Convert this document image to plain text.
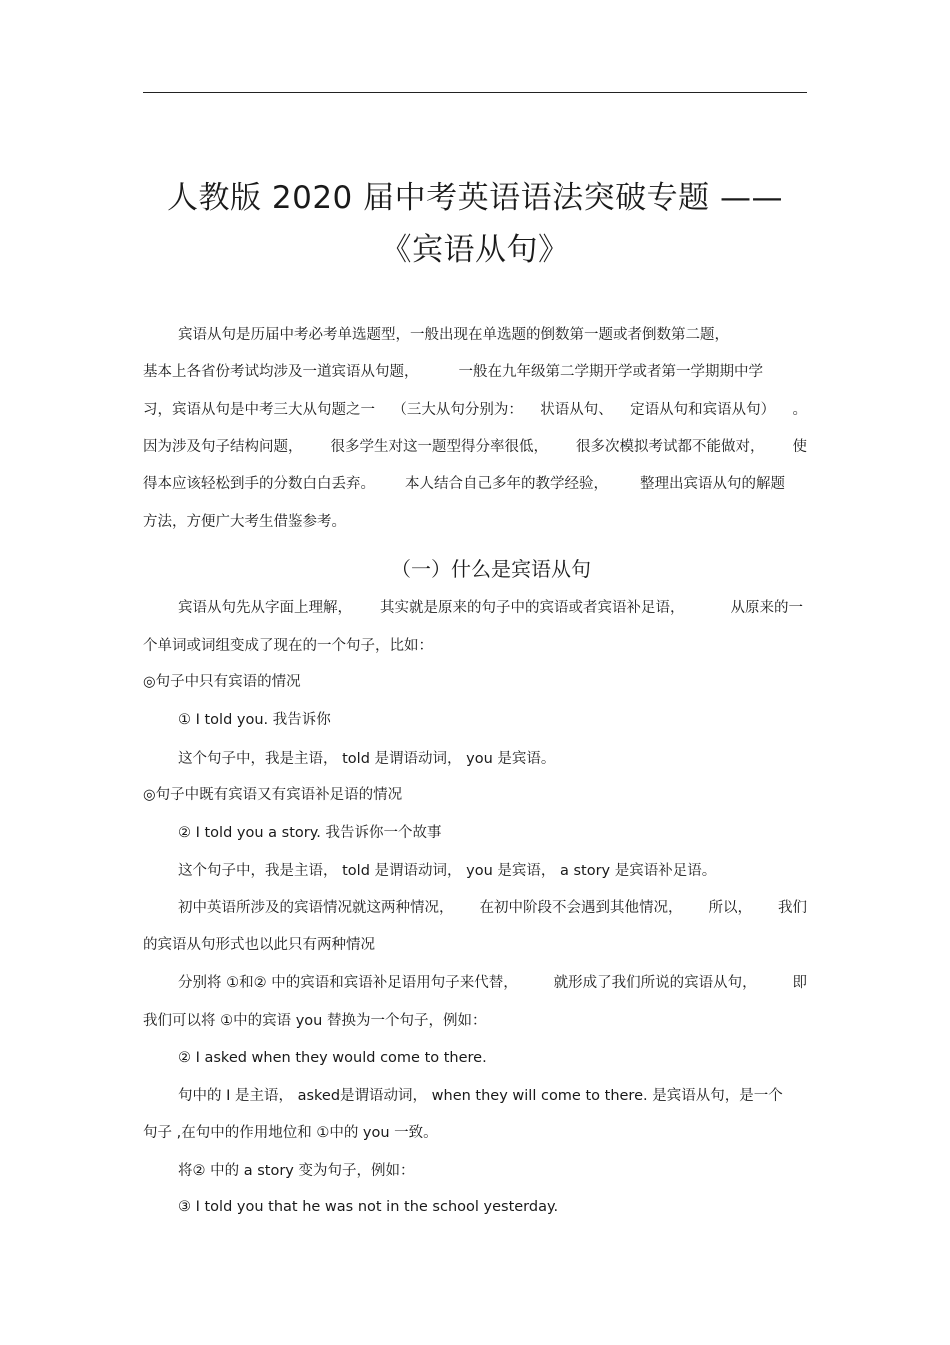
人教版 2020 届中考英语语法突破专题 ——
《宾语从句》
宾语从句是历届中考必考单选题型，一般出现在单选题的倒数第一题或者倒数第二题，
基本上各省份考试均涉及一道宾语从句题，	一般在九年级第二学期开学或者第一学期期中学
习，宾语从句是中考三大从句题之一 （三大从句分别为： 状语从句、 定语从句和宾语从句） 。
因为涉及句子结构问题， 很多学生对这一题型得分率很低， 很多次模拟考试都不能做对， 使
得本应该轻松到手的分数白白丢弃。 本人结合自己多年的教学经验， 整理出宾语从句的解题
方法，方便广大考生借鉴参考。
（一）什么是宾语从句
宾语从句先从字面上理解， 其实就是原来的句子中的宾语或者宾语补足语，	从原来的一
个单词或词组变成了现在的一个句子，比如：
◎句子中只有宾语的情况
① I told you. 我告诉你
这个句子中，我是主语， told 是谓语动词， you 是宾语。
◎句子中既有宾语又有宾语补足语的情况
② I told you a story. 我告诉你一个故事
这个句子中，我是主语， told 是谓语动词， you 是宾语， a story 是宾语补足语。
初中英语所涉及的宾语情况就这两种情况， 在初中阶段不会遇到其他情况， 所以， 我们
的宾语从句形式也以此只有两种情况
分别将 ①和② 中的宾语和宾语补足语用句子来代替， 就形成了我们所说的宾语从句， 即
我们可以将 ①中的宾语 you 替换为一个句子，例如：
② I asked when they would come to there.
句中的 I 是主语， asked是谓语动词， when they will come to there. 是宾语从句，是一个
句子 ,在句中的作用地位和 ①中的 you 一致。
将② 中的 a story 变为句子，例如：
③ I told you that he was not in the school yesterday.
